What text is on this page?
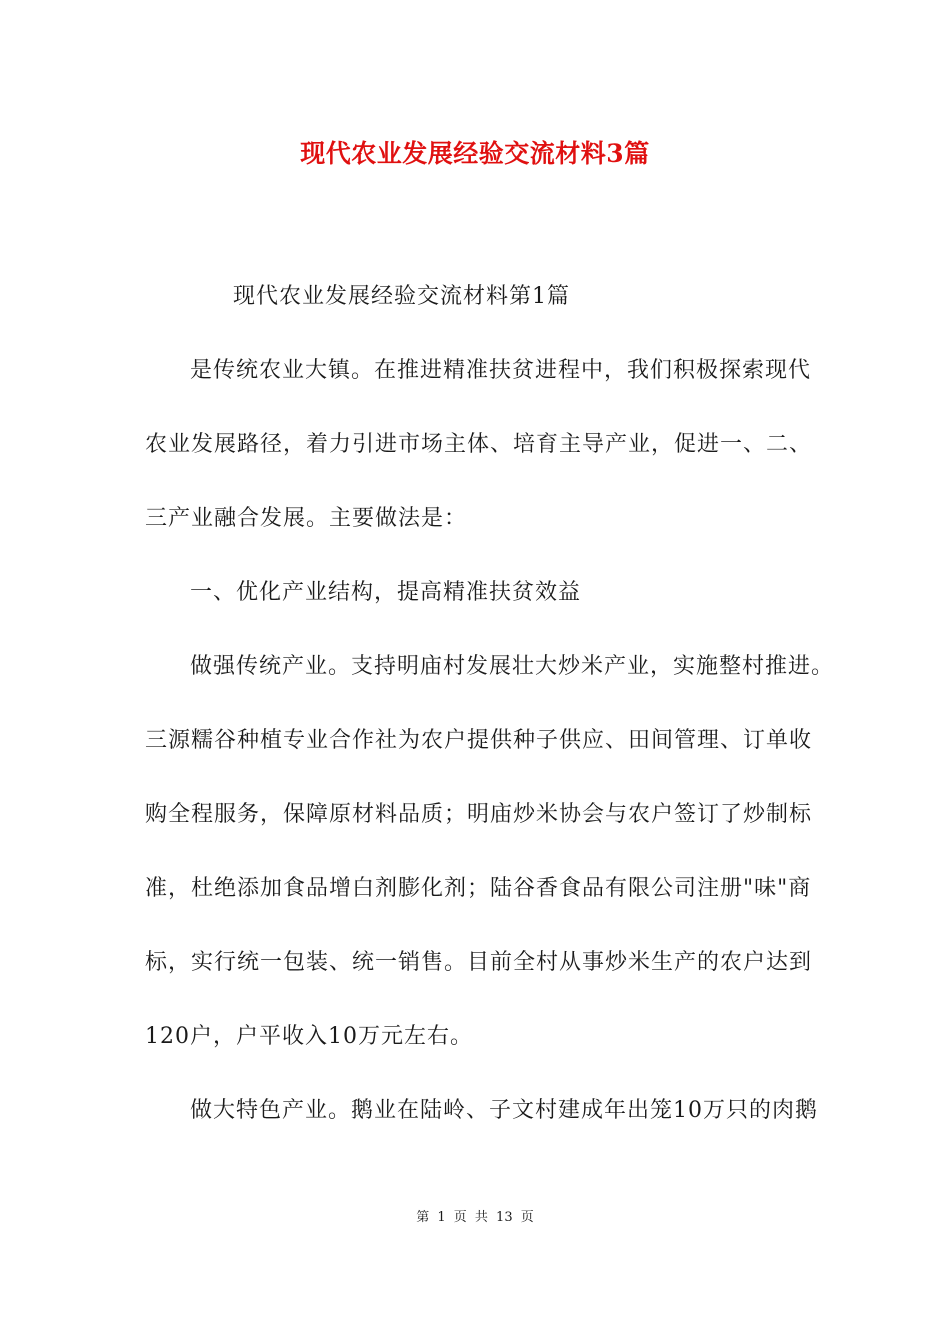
现代农业发展经验交流材料3篇
现代农业发展经验交流材料第1篇
是传统农业大镇。在推进精准扶贫进程中，我们积极探索现代
农业发展路径，着力引进市场主体、培育主导产业，促进一、二、
三产业融合发展。主要做法是：
一、优化产业结构，提高精准扶贫效益
做强传统产业。支持明庙村发展壮大炒米产业，实施整村推进。
三源糯谷种植专业合作社为农户提供种子供应、田间管理、订单收
购全程服务，保障原材料品质；明庙炒米协会与农户签订了炒制标
准，杜绝添加食品增白剂膨化剂；陆谷香食品有限公司注册"味"商
标，实行统一包装、统一销售。目前全村从事炒米生产的农户达到
120户，户平收入10万元左右。
做大特色产业。鹅业在陆岭、子文村建成年出笼10万只的肉鹅
第 1 页 共 13 页
